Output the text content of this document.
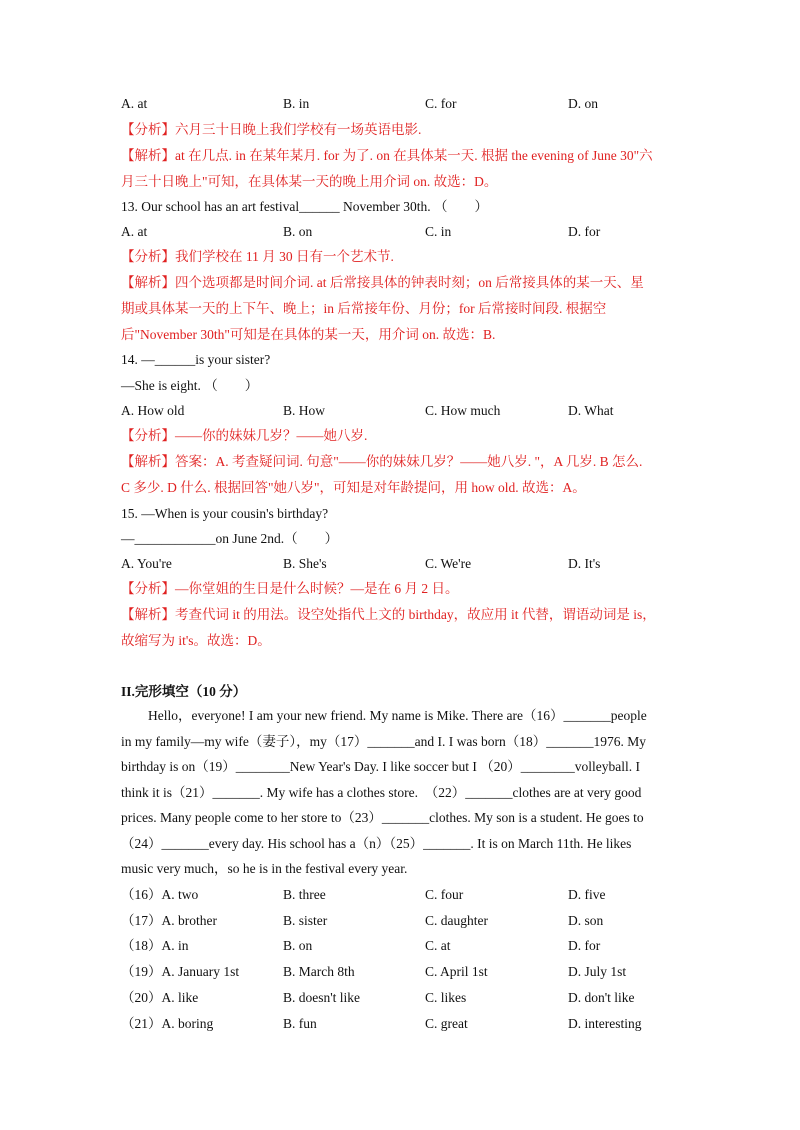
A. at	B. in	C. for	D. on
【分析】六月三十日晚上我们学校有一场英语电影.
【解析】at 在几点. in 在某年某月. for 为了. on 在具体某一天. 根据 the evening of June 30"六
月三十日晚上"可知，在具体某一天的晚上用介词 on. 故选：D。
13. Our school has an art festival______ November 30th. （　　）
A. at	B. on	C. in	D. for
【分析】我们学校在 11 月 30 日有一个艺术节.
【解析】四个选项都是时间介词. at 后常接具体的钟表时刻；on 后常接具体的某一天、星
期或具体某一天的上下午、晚上；in 后常接年份、月份；for 后常接时间段. 根据空
后"November 30th"可知是在具体的某一天，用介词 on. 故选：B.
14. —______is your sister?
—She is eight. （　　）
A. How old	B. How	C. How much	D. What
【分析】——你的妹妹几岁？——她八岁.
【解析】答案：A. 考查疑问词. 句意"——你的妹妹几岁？——她八岁. "，A 几岁. B 怎么.
C 多少. D 什么. 根据回答"她八岁"，可知是对年龄提问，用 how old. 故选：A。
15. —When is your cousin's birthday?
—____________on June 2nd.（　　）
A. You're	B. She's	C. We're	D. It's
【分析】—你堂姐的生日是什么时候？—是在 6 月 2 日。
【解析】考查代词 it 的用法。设空处指代上文的 birthday，故应用 it 代替，谓语动词是 is，
故缩写为 it's。故选：D。
II.完形填空（10 分）
　　Hello，everyone! I am your new friend. My name is Mike. There are（16）_______people
in my family—my wife（妻子），my（17）_______and I. I was born（18）_______1976. My
birthday is on（19）________New Year's Day. I like soccer but I （20）________volleyball. I
think it is（21）_______. My wife has a clothes store.　（22）_______clothes are at very good
prices. Many people come to her store to（23）_______clothes. My son is a student. He goes to
（24）_______every day. His school has a（n）（25）_______. It is on March 11th. He likes
music very much，so he is in the festival every year.
（16）A. two	B. three	C. four	D. five
（17）A. brother	B. sister	C. daughter	D. son
（18）A. in	B. on	C. at	D. for
（19）A. January 1st	B. March 8th	C. April 1st	D. July 1st
（20）A. like	B. doesn't like	C. likes	D. don't like
（21）A. boring	B. fun	C. great	D. interesting
